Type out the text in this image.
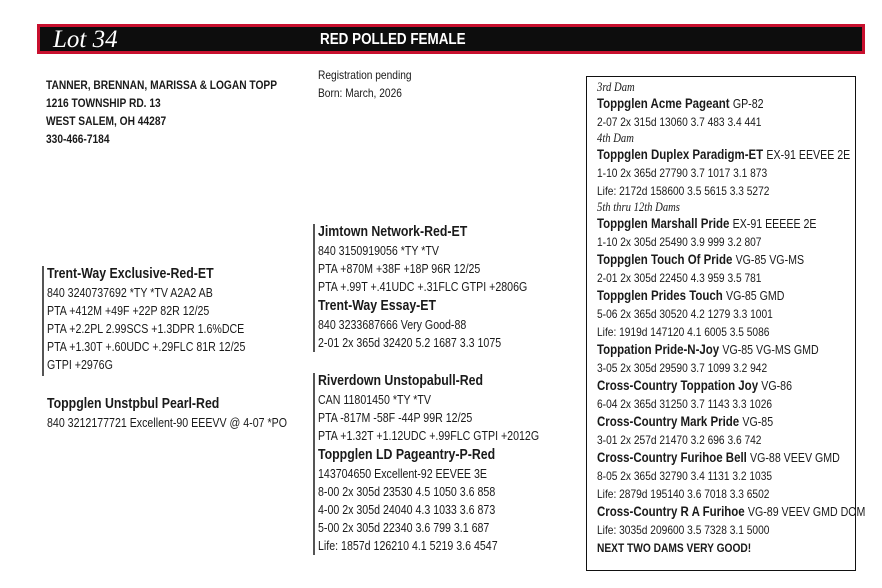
Lot 34	RED POLLED FEMALE
TANNER, BRENNAN, MARISSA & LOGAN TOPP
1216 TOWNSHIP RD. 13
WEST SALEM, OH 44287
330-466-7184
Registration pending
Born: March, 2026
Trent-Way Exclusive-Red-ET
840 3240737692 *TY *TV A2A2 AB
PTA +412M +49F +22P 82R 12/25
PTA +2.2PL 2.99SCS +1.3DPR 1.6%DCE
PTA +1.30T +.60UDC +.29FLC 81R 12/25
GTPI +2976G
Toppglen Unstpbul Pearl-Red
840 3212177721 Excellent-90 EEEVV @ 4-07 *PO
Jimtown Network-Red-ET
840 3150919056 *TY *TV
PTA +870M +38F +18P 96R 12/25
PTA +.99T +.41UDC +.31FLC GTPI +2806G
Trent-Way Essay-ET
840 3233687666 Very Good-88
2-01 2x 365d 32420 5.2 1687 3.3 1075
Riverdown Unstopabull-Red
CAN 11801450 *TY *TV
PTA -817M -58F -44P 99R 12/25
PTA +1.32T +1.12UDC +.99FLC GTPI +2012G
Toppglen LD Pageantry-P-Red
143704650 Excellent-92 EEVEE 3E
8-00 2x 305d 23530 4.5 1050 3.6 858
4-00 2x 305d 24040 4.3 1033 3.6 873
5-00 2x 305d 22340 3.6 799 3.1 687
Life: 1857d 126210 4.1 5219 3.6 4547
3rd Dam
Toppglen Acme Pageant GP-82
2-07 2x 315d 13060 3.7 483 3.4 441
4th Dam
Toppglen Duplex Paradigm-ET EX-91 EEVEE 2E
1-10 2x 365d 27790 3.7 1017 3.1 873
Life: 2172d 158600 3.5 5615 3.3 5272
5th thru 12th Dams
Toppglen Marshall Pride EX-91 EEEEE 2E
1-10 2x 305d 25490 3.9 999 3.2 807
Toppglen Touch Of Pride VG-85 VG-MS
2-01 2x 305d 22450 4.3 959 3.5 781
Toppglen Prides Touch VG-85 GMD
5-06 2x 365d 30520 4.2 1279 3.3 1001
Life: 1919d 147120 4.1 6005 3.5 5086
Toppation Pride-N-Joy VG-85 VG-MS GMD
3-05 2x 305d 29590 3.7 1099 3.2 942
Cross-Country Toppation Joy VG-86
6-04 2x 365d 31250 3.7 1143 3.3 1026
Cross-Country Mark Pride VG-85
3-01 2x 257d 21470 3.2 696 3.6 742
Cross-Country Furihoe Bell VG-88 VEEV GMD
8-05 2x 365d 32790 3.4 1131 3.2 1035
Life: 2879d 195140 3.6 7018 3.3 6502
Cross-Country R A Furihoe VG-89 VEEV GMD DOM
Life: 3035d 209600 3.5 7328 3.1 5000
NEXT TWO DAMS VERY GOOD!
